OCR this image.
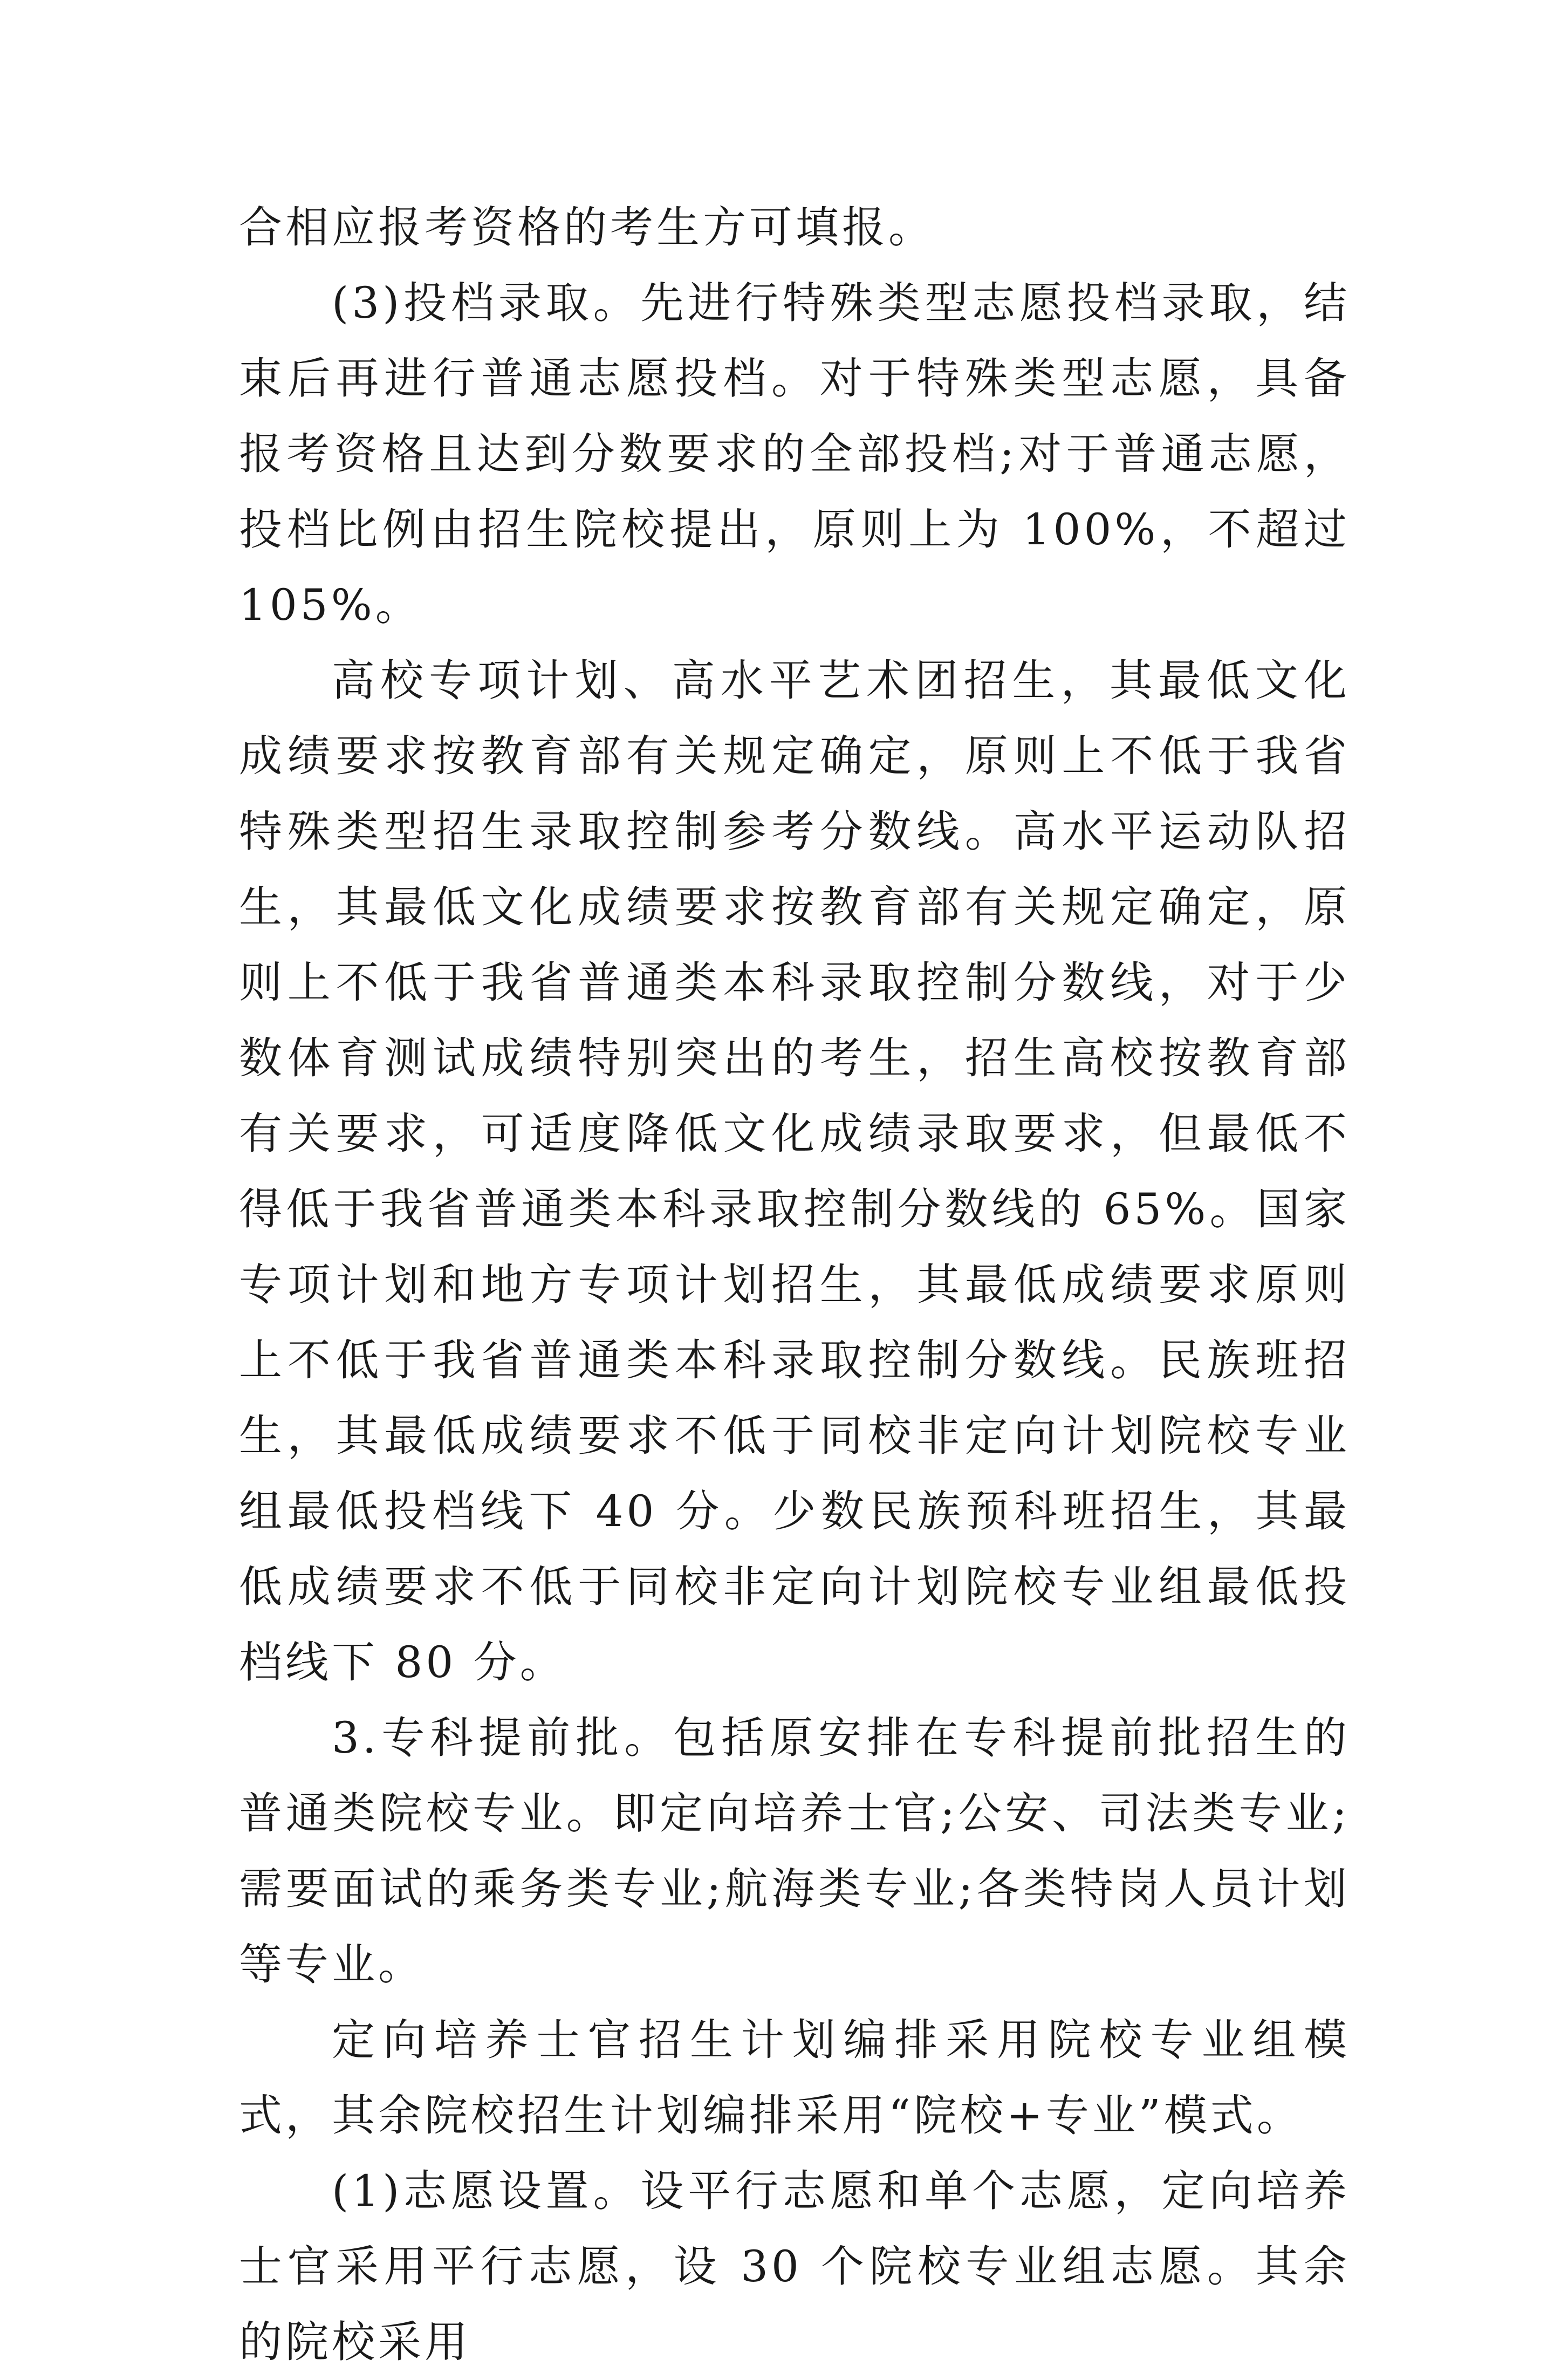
合相应报考资格的考生方可填报。

(3)投档录取。先进行特殊类型志愿投档录取，结束后再进行普通志愿投档。对于特殊类型志愿，具备报考资格且达到分数要求的全部投档;对于普通志愿，投档比例由招生院校提出，原则上为 100%，不超过 105%。

高校专项计划、高水平艺术团招生，其最低文化成绩要求按教育部有关规定确定，原则上不低于我省特殊类型招生录取控制参考分数线。高水平运动队招生，其最低文化成绩要求按教育部有关规定确定，原则上不低于我省普通类本科录取控制分数线，对于少数体育测试成绩特别突出的考生，招生高校按教育部有关要求，可适度降低文化成绩录取要求，但最低不得低于我省普通类本科录取控制分数线的 65%。国家专项计划和地方专项计划招生，其最低成绩要求原则上不低于我省普通类本科录取控制分数线。民族班招生，其最低成绩要求不低于同校非定向计划院校专业组最低投档线下 40 分。少数民族预科班招生，其最低成绩要求不低于同校非定向计划院校专业组最低投档线下 80 分。

3.专科提前批。包括原安排在专科提前批招生的普通类院校专业。即定向培养士官;公安、司法类专业;需要面试的乘务类专业;航海类专业;各类特岗人员计划等专业。

定向培养士官招生计划编排采用院校专业组模式，其余院校招生计划编排采用“院校+专业”模式。

(1)志愿设置。设平行志愿和单个志愿，定向培养士官采用平行志愿，设 30 个院校专业组志愿。其余的院校采用
